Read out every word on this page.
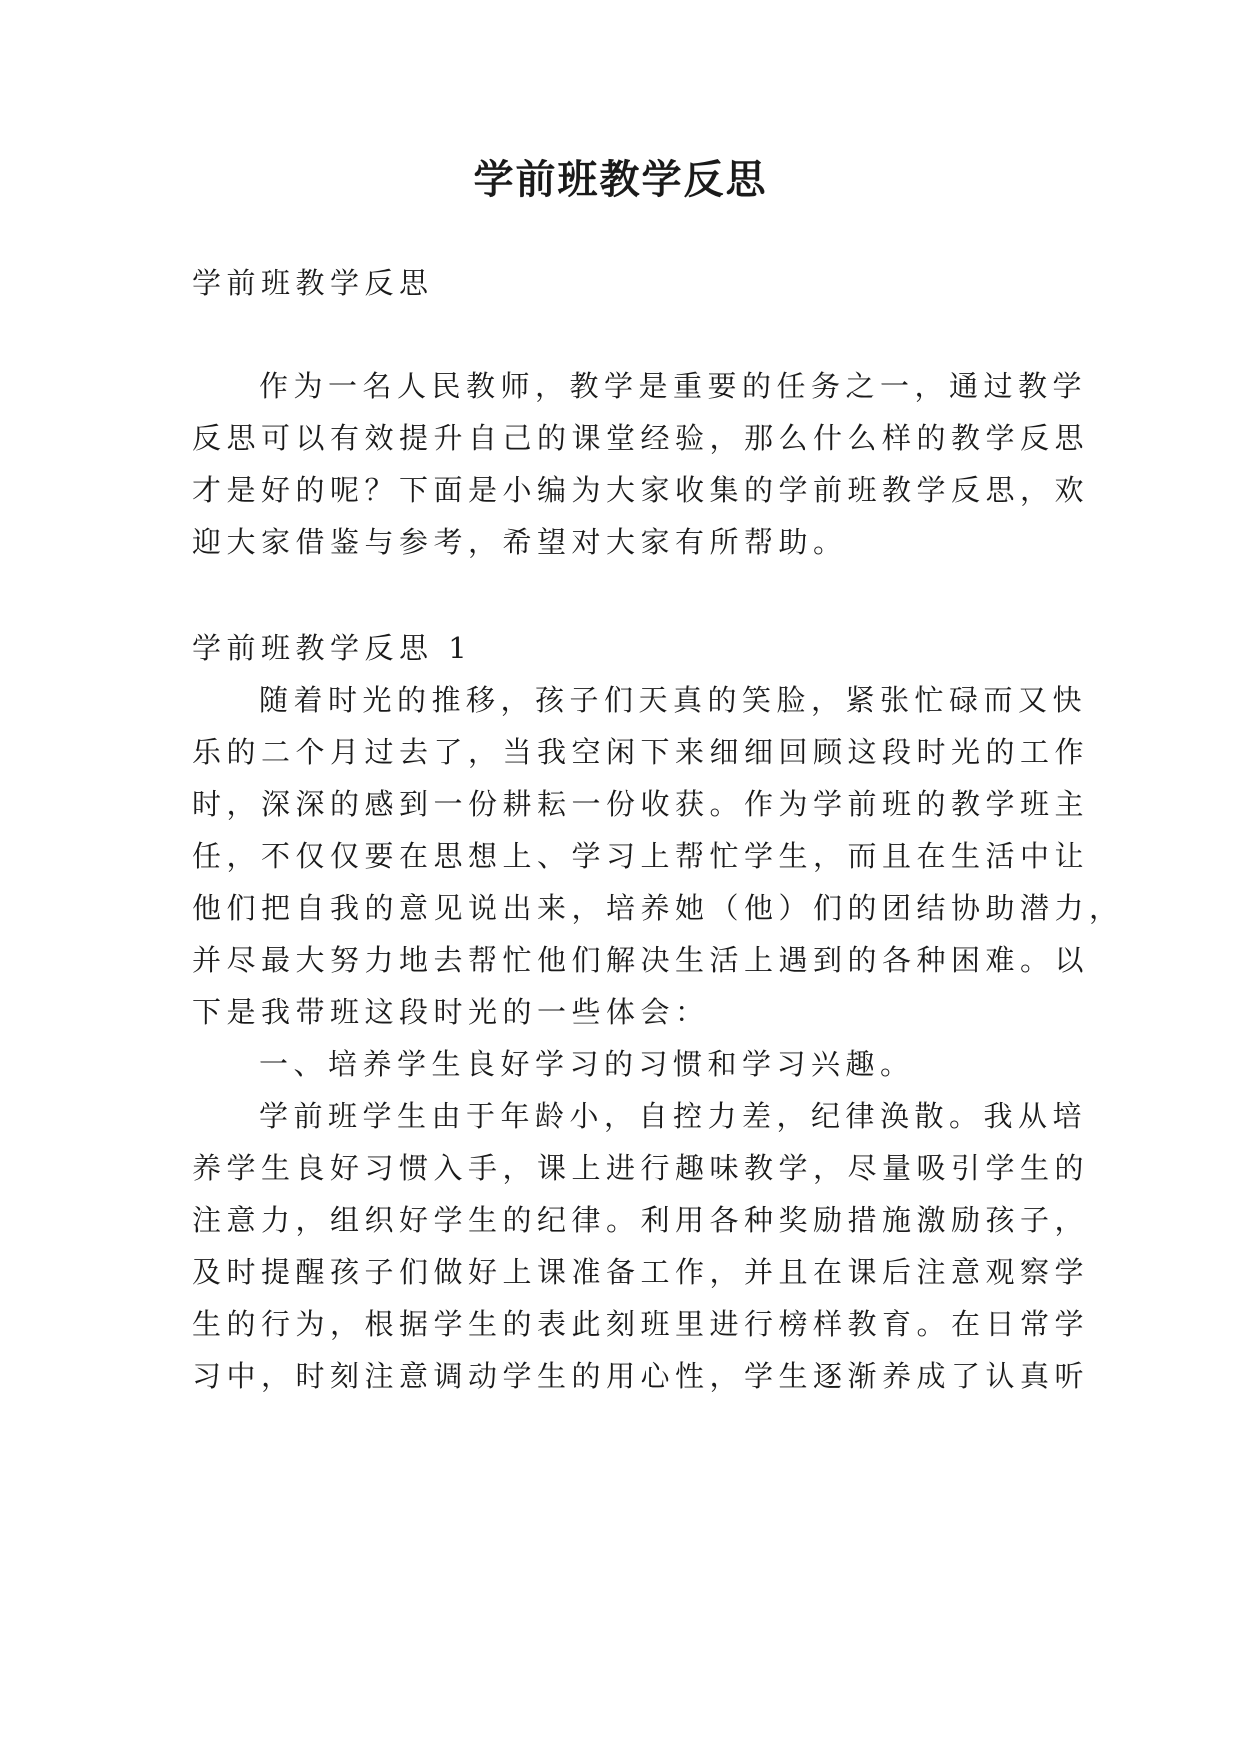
学前班教学反思

学前班教学反思

作为一名人民教师，教学是重要的任务之一，通过教学

反思可以有效提升自己的课堂经验，那么什么样的教学反思

才是好的呢？下面是小编为大家收集的学前班教学反思，欢

迎大家借鉴与参考，希望对大家有所帮助。

学前班教学反思 1

随着时光的推移，孩子们天真的笑脸，紧张忙碌而又快

乐的二个月过去了，当我空闲下来细细回顾这段时光的工作

时，深深的感到一份耕耘一份收获。作为学前班的教学班主

任，不仅仅要在思想上、学习上帮忙学生，而且在生活中让

他们把自我的意见说出来，培养她（他）们的团结协助潜力，

并尽最大努力地去帮忙他们解决生活上遇到的各种困难。以

下是我带班这段时光的一些体会：

一、培养学生良好学习的习惯和学习兴趣。

学前班学生由于年龄小，自控力差，纪律涣散。我从培

养学生良好习惯入手，课上进行趣味教学，尽量吸引学生的

注意力，组织好学生的纪律。利用各种奖励措施激励孩子，

及时提醒孩子们做好上课准备工作，并且在课后注意观察学

生的行为，根据学生的表此刻班里进行榜样教育。在日常学

习中，时刻注意调动学生的用心性，学生逐渐养成了认真听
